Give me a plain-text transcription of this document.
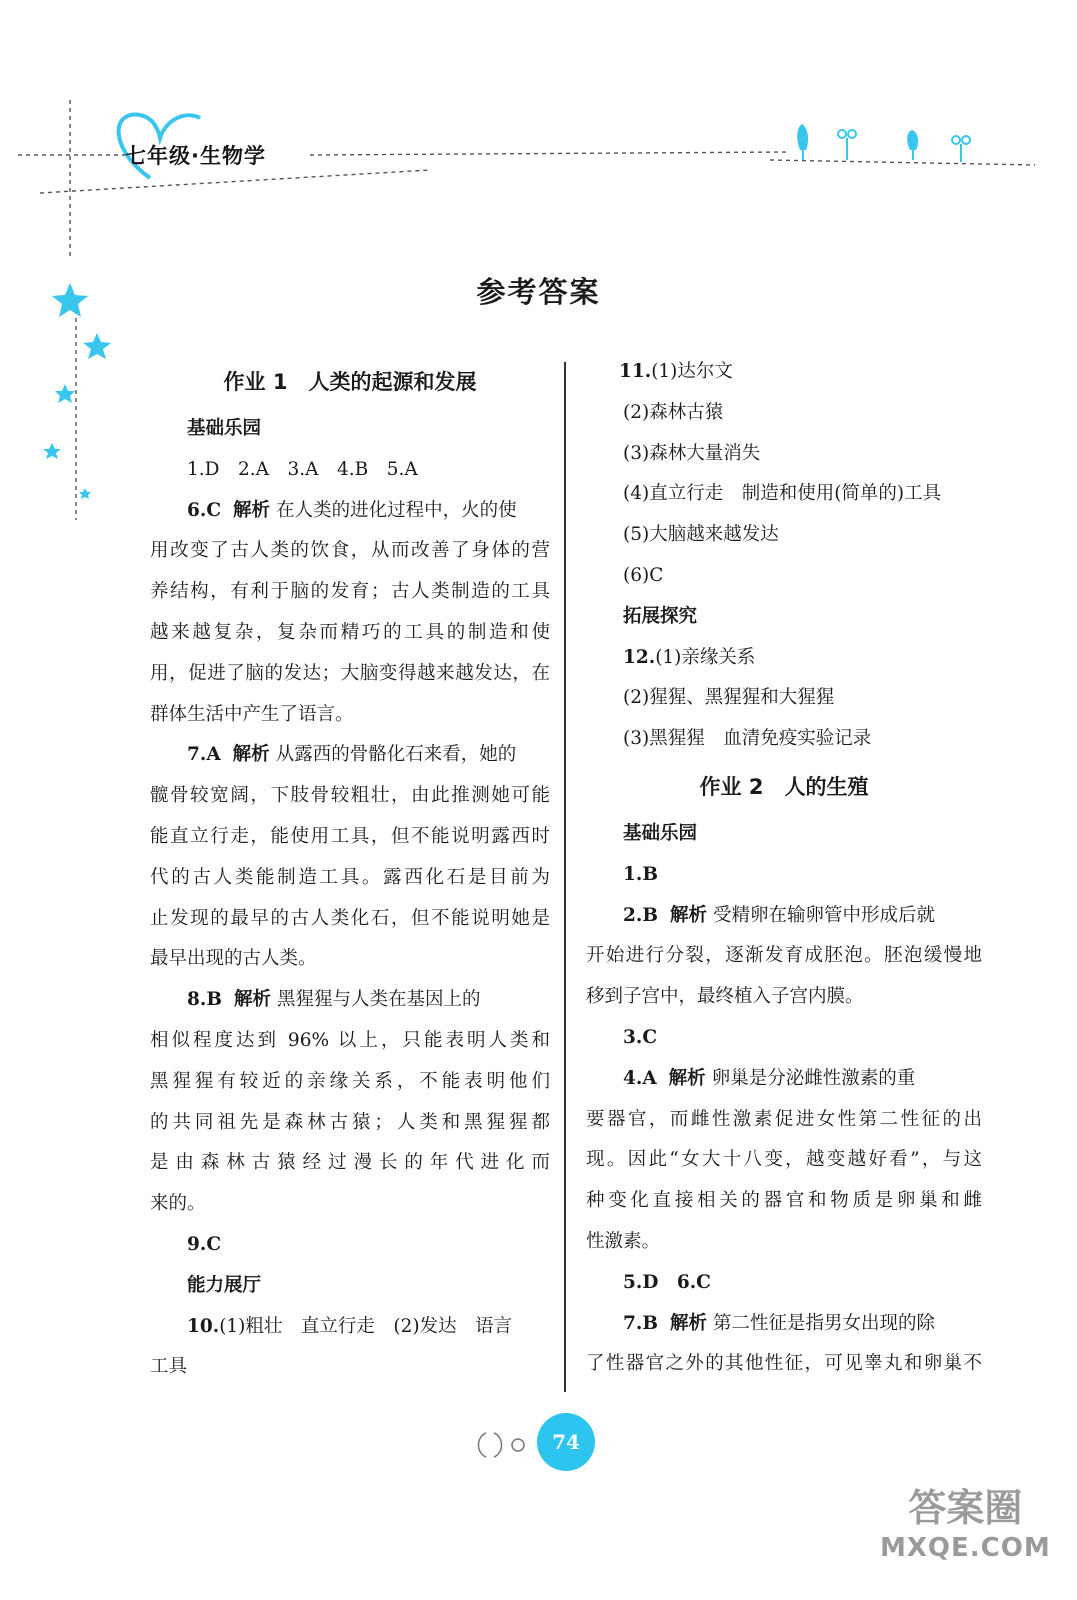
七年级·生物学
参考答案
作业 1　人类的起源和发展
基础乐园
1.D　2.A　3.A　4.B　5.A
6.C 解析 在人类的进化过程中，火的使
用改变了古人类的饮食，从而改善了身体的营
养结构，有利于脑的发育；古人类制造的工具
越来越复杂，复杂而精巧的工具的制造和使
用，促进了脑的发达；大脑变得越来越发达，在
群体生活中产生了语言。
7.A 解析 从露西的骨骼化石来看，她的
髋骨较宽阔，下肢骨较粗壮，由此推测她可能
能直立行走，能使用工具，但不能说明露西时
代的古人类能制造工具。露西化石是目前为
止发现的最早的古人类化石，但不能说明她是
最早出现的古人类。
8.B 解析 黑猩猩与人类在基因上的
相似程度达到 96% 以上，只能表明人类和
黑猩猩有较近的亲缘关系，不能表明他们
的共同祖先是森林古猿；人类和黑猩猩都
是由森林古猿经过漫长的年代进化而
来的。
9.C
能力展厅
10.(1)粗壮　直立行走　(2)发达　语言
工具
11.(1)达尔文
(2)森林古猿
(3)森林大量消失
(4)直立行走　制造和使用(简单的)工具
(5)大脑越来越发达
(6)C
拓展探究
12.(1)亲缘关系
(2)猩猩、黑猩猩和大猩猩
(3)黑猩猩　血清免疫实验记录
作业 2　人的生殖
基础乐园
1.B
2.B 解析 受精卵在输卵管中形成后就
开始进行分裂，逐渐发育成胚泡。胚泡缓慢地
移到子宫中，最终植入子宫内膜。
3.C
4.A 解析 卵巢是分泌雌性激素的重
要器官，而雌性激素促进女性第二性征的出
现。因此“女大十八变，越变越好看”，与这
种变化直接相关的器官和物质是卵巢和雌
性激素。
5.D　6.C
7.B 解析 第二性征是指男女出现的除
了性器官之外的其他性征，可见睾丸和卵巢不
74
答案圈
MXQE.COM
